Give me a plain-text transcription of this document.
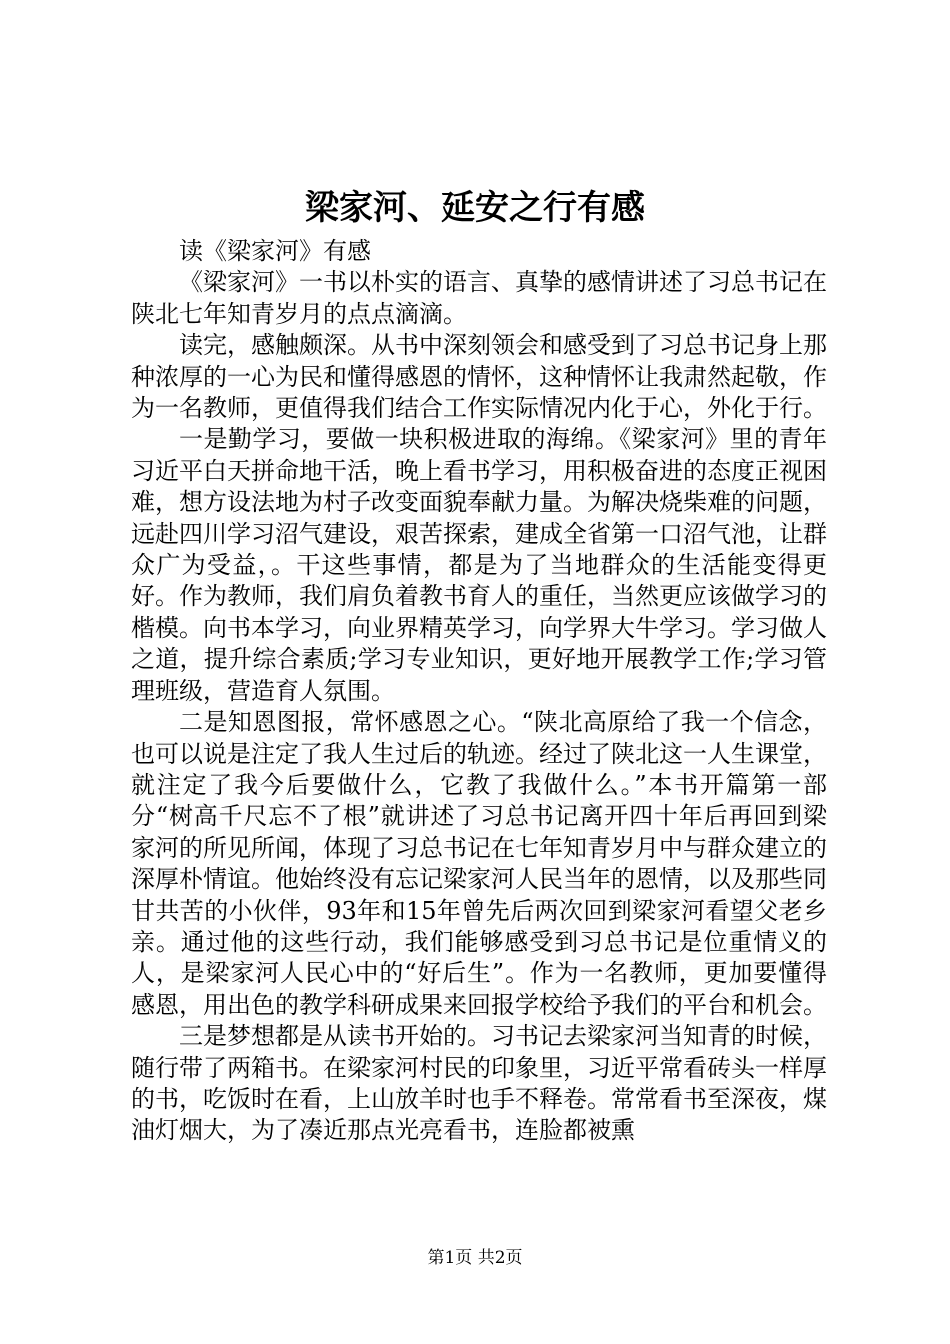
梁家河、延安之行有感

读《梁家河》有感

《梁家河》一书以朴实的语言、真挚的感情讲述了习总书记在陕北七年知青岁月的点点滴滴。

读完，感触颇深。从书中深刻领会和感受到了习总书记身上那种浓厚的一心为民和懂得感恩的情怀，这种情怀让我肃然起敬，作为一名教师，更值得我们结合工作实际情况内化于心，外化于行。

一是勤学习，要做一块积极进取的海绵。《梁家河》里的青年习近平白天拼命地干活，晚上看书学习，用积极奋进的态度正视困难，想方设法地为村子改变面貌奉献力量。为解决烧柴难的问题，远赴四川学习沼气建设，艰苦探索，建成全省第一口沼气池，让群众广为受益，。干这些事情，都是为了当地群众的生活能变得更好。作为教师，我们肩负着教书育人的重任，当然更应该做学习的楷模。向书本学习，向业界精英学习，向学界大牛学习。学习做人之道，提升综合素质;学习专业知识，更好地开展教学工作;学习管理班级，营造育人氛围。

二是知恩图报，常怀感恩之心。“陕北高原给了我一个信念，也可以说是注定了我人生过后的轨迹。经过了陕北这一人生课堂，就注定了我今后要做什么，它教了我做什么。”本书开篇第一部分“树高千尺忘不了根”就讲述了习总书记离开四十年后再回到梁家河的所见所闻，体现了习总书记在七年知青岁月中与群众建立的深厚朴情谊。他始终没有忘记梁家河人民当年的恩情，以及那些同甘共苦的小伙伴，93年和15年曾先后两次回到梁家河看望父老乡亲。通过他的这些行动，我们能够感受到习总书记是位重情义的人，是梁家河人民心中的“好后生”。作为一名教师，更加要懂得感恩，用出色的教学科研成果来回报学校给予我们的平台和机会。

三是梦想都是从读书开始的。习书记去梁家河当知青的时候，随行带了两箱书。在梁家河村民的印象里，习近平常看砖头一样厚的书，吃饭时在看，上山放羊时也手不释卷。常常看书至深夜，煤油灯烟大，为了凑近那点光亮看书，连脸都被熏

第1页 共2页
